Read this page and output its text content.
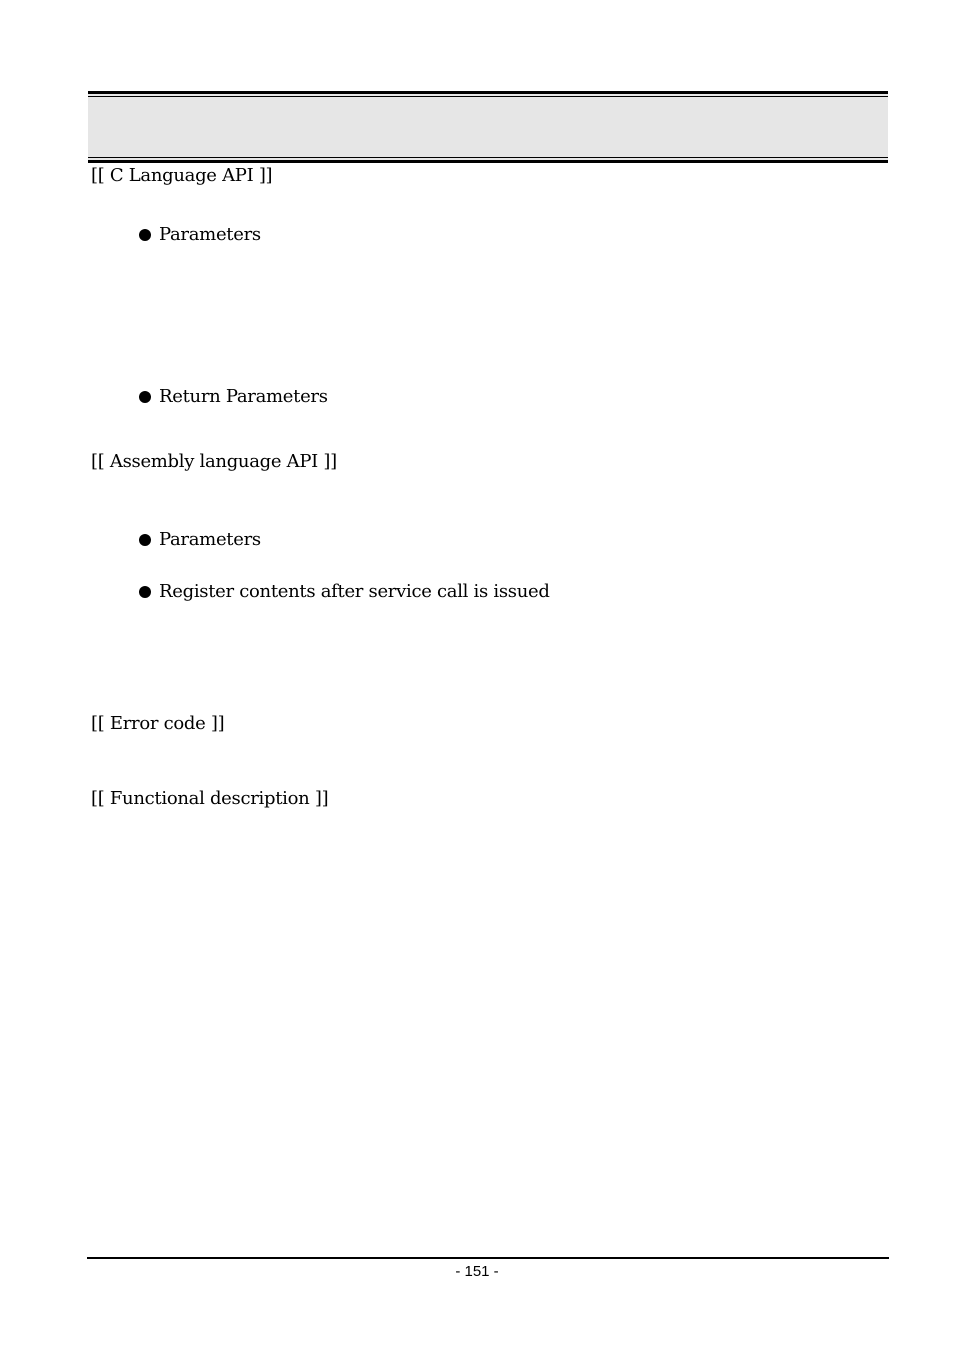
[[ C Language API ]]
Parameters
Return Parameters
[[ Assembly language API ]]
Parameters
Register contents after service call is issued
[[ Error code ]]
[[ Functional description ]]
- 151 -
